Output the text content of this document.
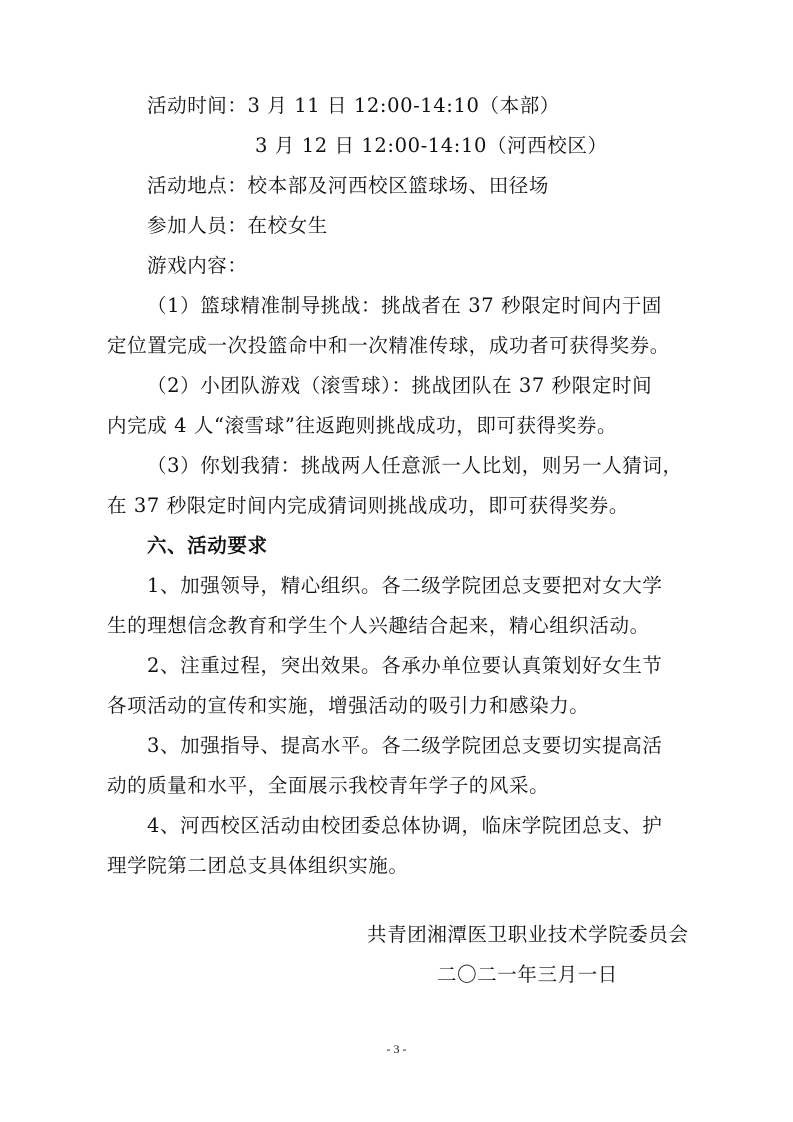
活动时间：3 月 11 日 12:00-14:10（本部）
3 月 12 日 12:00-14:10（河西校区）
活动地点：校本部及河西校区篮球场、田径场
参加人员：在校女生
游戏内容：
（1）篮球精准制导挑战：挑战者在 37 秒限定时间内于固
定位置完成一次投篮命中和一次精准传球，成功者可获得奖券。
（2）小团队游戏（滚雪球）：挑战团队在 37 秒限定时间
内完成 4 人“滚雪球”往返跑则挑战成功，即可获得奖券。
（3）你划我猜：挑战两人任意派一人比划，则另一人猜词，
在 37 秒限定时间内完成猜词则挑战成功，即可获得奖券。
六、活动要求
1、加强领导，精心组织。各二级学院团总支要把对女大学
生的理想信念教育和学生个人兴趣结合起来，精心组织活动。
2、注重过程，突出效果。各承办单位要认真策划好女生节
各项活动的宣传和实施，增强活动的吸引力和感染力。
3、加强指导、提高水平。各二级学院团总支要切实提高活
动的质量和水平，全面展示我校青年学子的风采。
4、河西校区活动由校团委总体协调，临床学院团总支、护
理学院第二团总支具体组织实施。
共青团湘潭医卫职业技术学院委员会
二〇二一年三月一日
- 3 -
